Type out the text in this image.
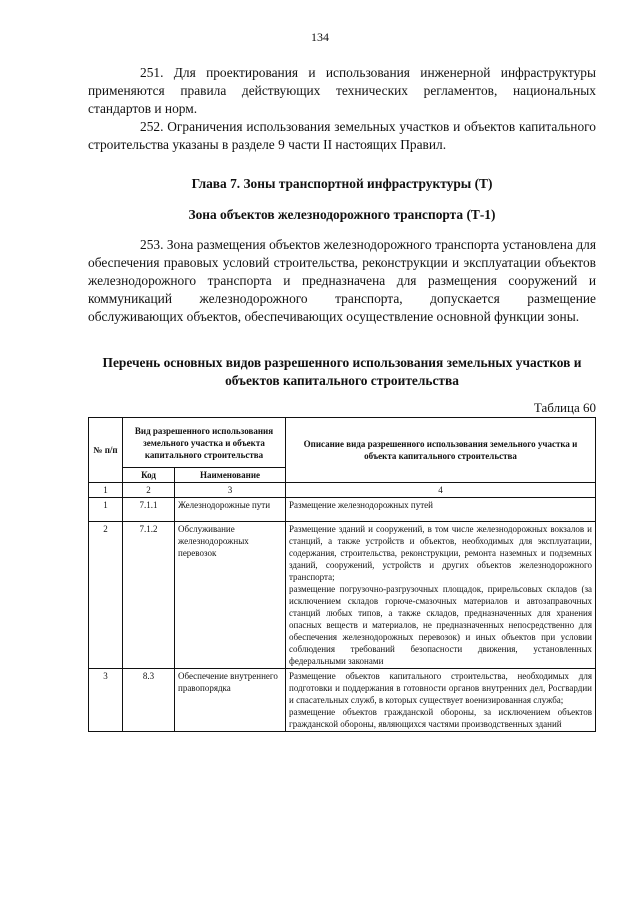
134

251. Для проектирования и использования инженерной инфраструктуры применяются правила действующих технических регламентов, национальных стандартов и норм.

252. Ограничения использования земельных участков и объектов капитального строительства указаны в разделе 9 части II настоящих Правил.

Глава 7. Зоны транспортной инфраструктуры (Т)
Зона объектов железнодорожного транспорта (Т-1)

253. Зона размещения объектов железнодорожного транспорта установлена для обеспечения правовых условий строительства, реконструкции и эксплуатации объектов железнодорожного транспорта и предназначена для размещения сооружений и коммуникаций железнодорожного транспорта, допускается размещение обслуживающих объектов, обеспечивающих осуществление основной функции зоны.

Перечень основных видов разрешенного использования земельных участков и объектов капитального строительства
Таблица 60
№ п/п	Вид разрешенного использования земельного участка и объекта капитального строительства		Описание вида разрешенного использования земельного участка и объекта капитального строительства
	Код	Наименование	
1	2	3	4
1	7.1.1	Железнодорожные пути	Размещение железнодорожных путей

2	7.1.2	Обслуживание железнодорожных перевозок	Размещение зданий и сооружений, в том числе железнодорожных вокзалов и станций, а также устройств и объектов, необходимых для эксплуатации, содержания, строительства, реконструкции, ремонта наземных и подземных зданий, сооружений, устройств и других объектов железнодорожного транспорта;

размещение погрузочно-разгрузочных площадок, прирельсовых складов (за исключением складов горюче-смазочных материалов и автозаправочных станций любых типов, а также складов, предназначенных для хранения опасных веществ и материалов, не предназначенных непосредственно для обеспечения железнодорожных перевозок) и иных объектов при условии соблюдения требований безопасности движения, установленных федеральными законами

3	8.3	Обеспечение внутреннего правопорядка	Размещение объектов капитального строительства, необходимых для подготовки и поддержания в готовности органов внутренних дел, Росгвардии и спасательных служб, в которых существует военизированная служба;

размещение объектов гражданской обороны, за исключением объектов гражданской обороны, являющихся частями производственных зданий
